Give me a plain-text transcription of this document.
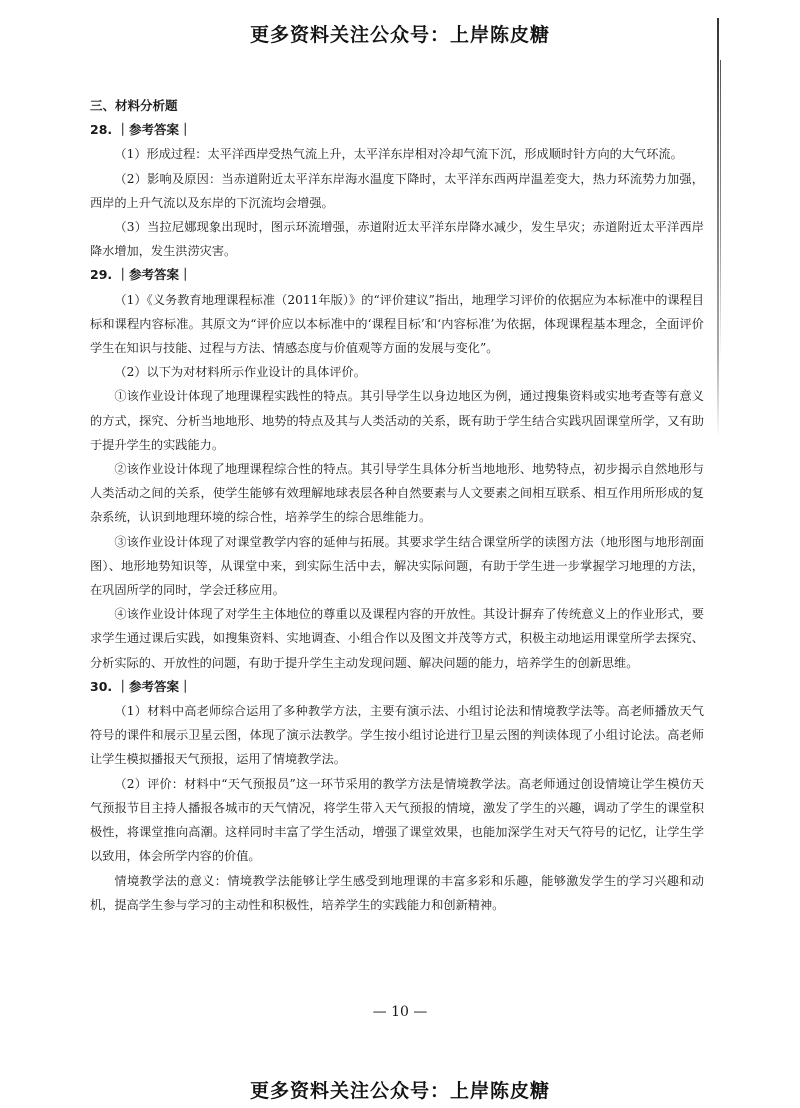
更多资料关注公众号：上岸陈皮糖
三、材料分析题
28. ｜参考答案｜

（1）形成过程：太平洋西岸受热气流上升，太平洋东岸相对冷却气流下沉，形成顺时针方向的大气环流。

（2）影响及原因：当赤道附近太平洋东岸海水温度下降时，太平洋东西两岸温差变大，热力环流势力加强，西岸的上升气流以及东岸的下沉流均会增强。

（3）当拉尼娜现象出现时，图示环流增强，赤道附近太平洋东岸降水减少，发生旱灾；赤道附近太平洋西岸降水增加，发生洪涝灾害。

29. ｜参考答案｜

（1）《义务教育地理课程标准（2011年版）》的“评价建议”指出，地理学习评价的依据应为本标准中的课程目标和课程内容标准。其原文为“评价应以本标准中的‘课程目标’和‘内容标准’为依据，体现课程基本理念，全面评价学生在知识与技能、过程与方法、情感态度与价值观等方面的发展与变化”。

（2）以下为对材料所示作业设计的具体评价。

①该作业设计体现了地理课程实践性的特点。其引导学生以身边地区为例，通过搜集资料或实地考查等有意义的方式，探究、分析当地地形、地势的特点及其与人类活动的关系，既有助于学生结合实践巩固课堂所学，又有助于提升学生的实践能力。

②该作业设计体现了地理课程综合性的特点。其引导学生具体分析当地地形、地势特点，初步揭示自然地形与人类活动之间的关系，使学生能够有效理解地球表层各种自然要素与人文要素之间相互联系、相互作用所形成的复杂系统，认识到地理环境的综合性，培养学生的综合思维能力。

③该作业设计体现了对课堂教学内容的延伸与拓展。其要求学生结合课堂所学的读图方法（地形图与地形剖面图）、地形地势知识等，从课堂中来，到实际生活中去，解决实际问题，有助于学生进一步掌握学习地理的方法，在巩固所学的同时，学会迁移应用。

④该作业设计体现了对学生主体地位的尊重以及课程内容的开放性。其设计摒弃了传统意义上的作业形式，要求学生通过课后实践，如搜集资料、实地调查、小组合作以及图文并茂等方式，积极主动地运用课堂所学去探究、分析实际的、开放性的问题，有助于提升学生主动发现问题、解决问题的能力，培养学生的创新思维。

30. ｜参考答案｜

（1）材料中高老师综合运用了多种教学方法，主要有演示法、小组讨论法和情境教学法等。高老师播放天气符号的课件和展示卫星云图，体现了演示法教学。学生按小组讨论进行卫星云图的判读体现了小组讨论法。高老师让学生模拟播报天气预报，运用了情境教学法。

（2）评价：材料中“天气预报员”这一环节采用的教学方法是情境教学法。高老师通过创设情境让学生模仿天气预报节目主持人播报各城市的天气情况，将学生带入天气预报的情境，激发了学生的兴趣，调动了学生的课堂积极性，将课堂推向高潮。这样同时丰富了学生活动，增强了课堂效果，也能加深学生对天气符号的记忆，让学生学以致用，体会所学内容的价值。

情境教学法的意义：情境教学法能够让学生感受到地理课的丰富多彩和乐趣，能够激发学生的学习兴趣和动机，提高学生参与学习的主动性和积极性，培养学生的实践能力和创新精神。

— 10 —
更多资料关注公众号：上岸陈皮糖
